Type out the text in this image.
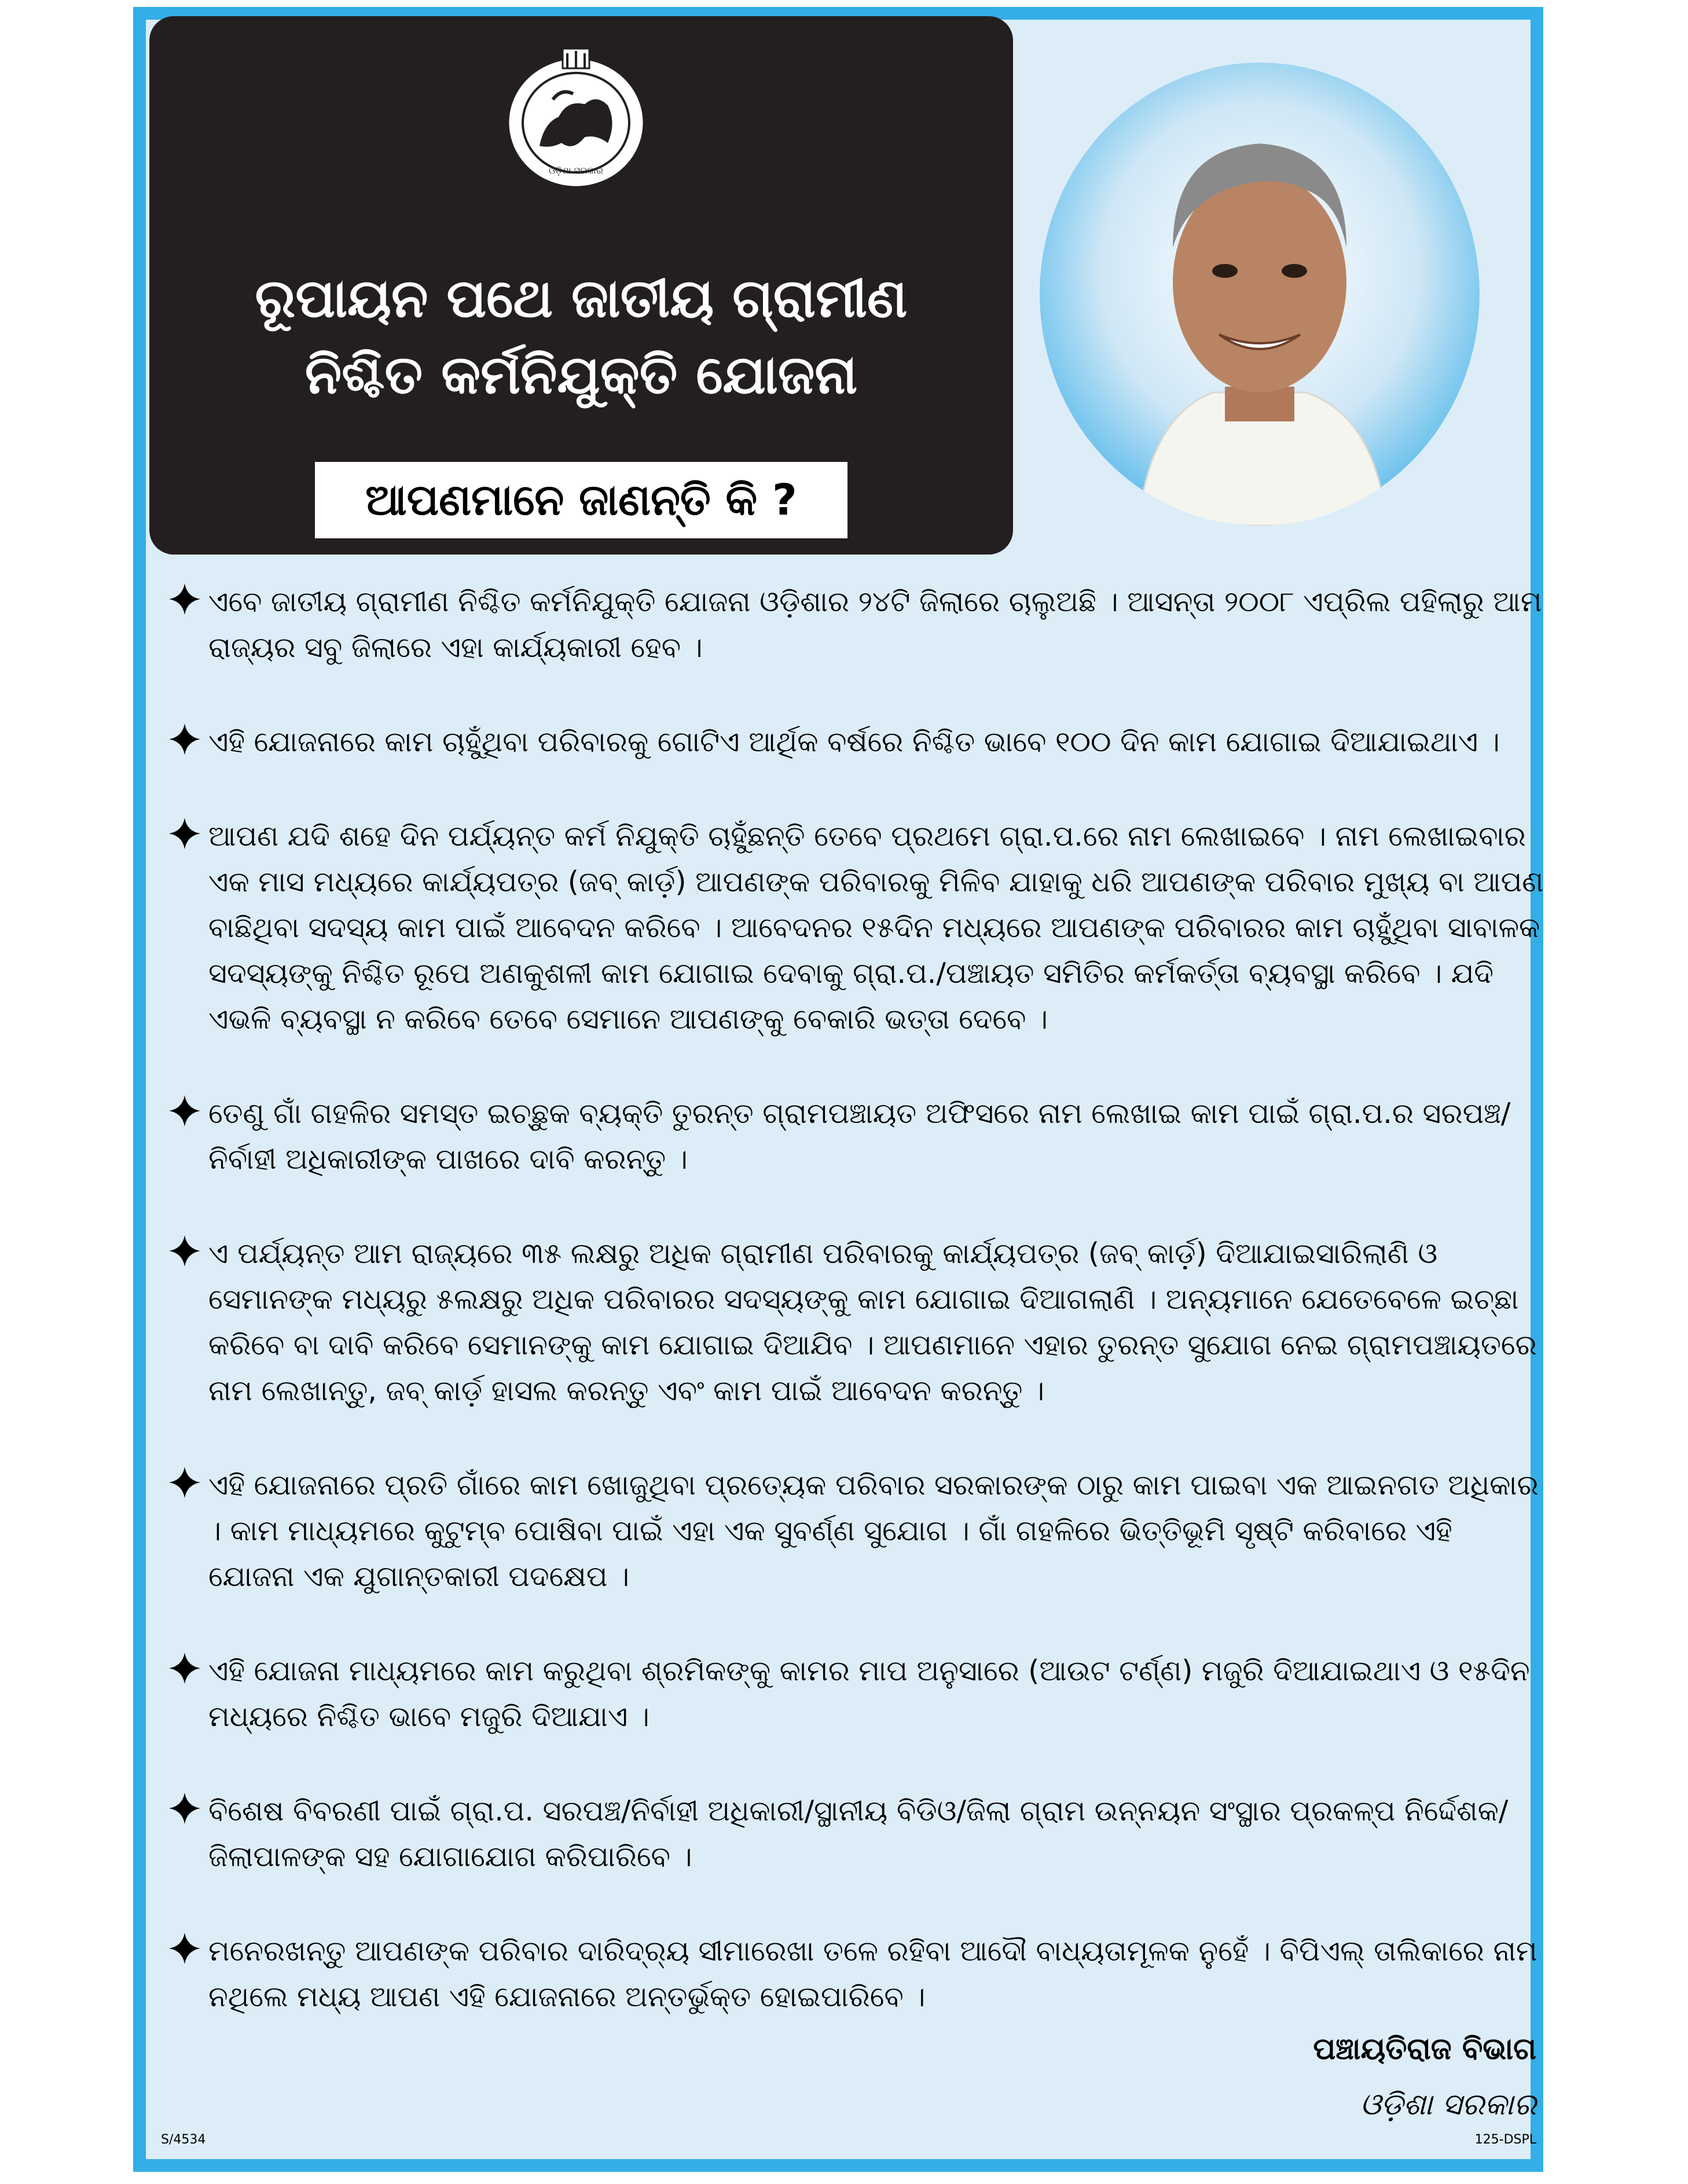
ଓଡ଼ିଶା ସରକାର
ରୂପାୟନ ପଥେ ଜାତୀୟ ଗ୍ରାମୀଣ
ନିଶ୍ଚିତ କର୍ମନିଯୁକ୍ତି ଯୋଜନା
ଆପଣମାନେ ଜାଣନ୍ତି କି ?
ଏବେ ଜାତୀୟ ଗ୍ରାମୀଣ ନିଶ୍ଚିତ କର୍ମନିଯୁକ୍ତି ଯୋଜନା ଓଡ଼ିଶାର ୨୪ଟି ଜିଲାରେ ଚାଲୁଅଛି । ଆସନ୍ତା ୨୦୦୮ ଏପ୍ରିଲ ପହିଲାରୁ ଆମ ରାଜ୍ୟର ସବୁ ଜିଲାରେ ଏହା କାର୍ଯ୍ୟକାରୀ ହେବ ।
ଏହି ଯୋଜନାରେ କାମ ଚାହୁଁଥିବା ପରିବାରକୁ ଗୋଟିଏ ଆର୍ଥିକ ବର୍ଷରେ ନିଶ୍ଚିତ ଭାବେ ୧୦୦ ଦିନ କାମ ଯୋଗାଇ ଦିଆଯାଇଥାଏ ।
ଆପଣ ଯଦି ଶହେ ଦିନ ପର୍ଯ୍ୟନ୍ତ କର୍ମ ନିଯୁକ୍ତି ଚାହୁଁଛନ୍ତି ତେବେ ପ୍ରଥମେ ଗ୍ରା.ପ.ରେ ନାମ ଲେଖାଇବେ । ନାମ ଲେଖାଇବାର ଏକ ମାସ ମଧ୍ୟରେ କାର୍ଯ୍ୟପତ୍ର (ଜବ୍ କାର୍ଡ଼) ଆପଣଙ୍କ ପରିବାରକୁ ମିଳିବ ଯାହାକୁ ଧରି ଆପଣଙ୍କ ପରିବାର ମୁଖ୍ୟ ବା ଆପଣ ବାଛିଥିବା ସଦସ୍ୟ କାମ ପାଇଁ ଆବେଦନ କରିବେ । ଆବେଦନର ୧୫ଦିନ ମଧ୍ୟରେ ଆପଣଙ୍କ ପରିବାରର କାମ ଚାହୁଁଥିବା ସାବାଳକ ସଦସ୍ୟଙ୍କୁ ନିଶ୍ଚିତ ରୂପେ ଅଣକୁଶଳୀ କାମ ଯୋଗାଇ ଦେବାକୁ ଗ୍ରା.ପ./ପଞ୍ଚାୟତ ସମିତିର କର୍ମକର୍ତ୍ତା ବ୍ୟବସ୍ଥା କରିବେ । ଯଦି ଏଭଳି ବ୍ୟବସ୍ଥା ନ କରିବେ ତେବେ ସେମାନେ ଆପଣଙ୍କୁ ବେକାରି ଭତ୍ତା ଦେବେ ।
ତେଣୁ ଗାଁ ଗହଳିର ସମସ୍ତ ଇଚ୍ଛୁକ ବ୍ୟକ୍ତି ତୁରନ୍ତ ଗ୍ରାମପଞ୍ଚାୟତ ଅଫିସରେ ନାମ ଲେଖାଇ କାମ ପାଇଁ ଗ୍ରା.ପ.ର ସରପଞ୍ଚ/ନିର୍ବାହୀ ଅଧିକାରୀଙ୍କ ପାଖରେ ଦାବି କରନ୍ତୁ ।
ଏ ପର୍ଯ୍ୟନ୍ତ ଆମ ରାଜ୍ୟରେ ୩୫ ଲକ୍ଷରୁ ଅଧିକ ଗ୍ରାମୀଣ ପରିବାରକୁ କାର୍ଯ୍ୟପତ୍ର (ଜବ୍ କାର୍ଡ଼) ଦିଆଯାଇସାରିଲାଣି ଓ ସେମାନଙ୍କ ମଧ୍ୟରୁ ୫ଲକ୍ଷରୁ ଅଧିକ ପରିବାରର ସଦସ୍ୟଙ୍କୁ କାମ ଯୋଗାଇ ଦିଆଗଲାଣି । ଅନ୍ୟମାନେ ଯେତେବେଳେ ଇଚ୍ଛା କରିବେ ବା ଦାବି କରିବେ ସେମାନଙ୍କୁ କାମ ଯୋଗାଇ ଦିଆଯିବ । ଆପଣମାନେ ଏହାର ତୁରନ୍ତ ସୁଯୋଗ ନେଇ ଗ୍ରାମପଞ୍ଚାୟତରେ ନାମ ଲେଖାନ୍ତୁ, ଜବ୍ କାର୍ଡ଼ ହାସଲ କରନ୍ତୁ ଏବଂ କାମ ପାଇଁ ଆବେଦନ କରନ୍ତୁ ।
ଏହି ଯୋଜନାରେ ପ୍ରତି ଗାଁରେ କାମ ଖୋଜୁଥିବା ପ୍ରତ୍ୟେକ ପରିବାର ସରକାରଙ୍କ ଠାରୁ କାମ ପାଇବା ଏକ ଆଇନଗତ ଅଧିକାର । କାମ ମାଧ୍ୟମରେ କୁଟୁମ୍ବ ପୋଷିବା ପାଇଁ ଏହା ଏକ ସୁବର୍ଣ୍ଣ ସୁଯୋଗ । ଗାଁ ଗହଳିରେ ଭିତ୍ତିଭୂମି ସୃଷ୍ଟି କରିବାରେ ଏହି ଯୋଜନା ଏକ ଯୁଗାନ୍ତକାରୀ ପଦକ୍ଷେପ ।
ଏହି ଯୋଜନା ମାଧ୍ୟମରେ କାମ କରୁଥିବା ଶ୍ରମିକଙ୍କୁ କାମର ମାପ ଅନୁସାରେ (ଆଉଟ ଟର୍ଣ୍ଣ) ମଜୁରି ଦିଆଯାଇଥାଏ ଓ ୧୫ଦିନ ମଧ୍ୟରେ ନିଶ୍ଚିତ ଭାବେ ମଜୁରି ଦିଆଯାଏ ।
ବିଶେଷ ବିବରଣୀ ପାଇଁ ଗ୍ରା.ପ. ସରପଞ୍ଚ/ନିର୍ବାହୀ ଅଧିକାରୀ/ସ୍ଥାନୀୟ ବିଡିଓ/ଜିଲା ଗ୍ରାମ ଉନ୍ନୟନ ସଂସ୍ଥାର ପ୍ରକଳ୍ପ ନିର୍ଦ୍ଦେଶକ/ଜିଲାପାଳଙ୍କ ସହ ଯୋଗାଯୋଗ କରିପାରିବେ ।
ମନେରଖନ୍ତୁ ଆପଣଙ୍କ ପରିବାର ଦାରିଦ୍ର୍ୟ ସୀମାରେଖା ତଳେ ରହିବା ଆଦୌ ବାଧ୍ୟତାମୂଳକ ନୁହେଁ । ବିପିଏଲ୍ ତାଲିକାରେ ନାମ ନଥିଲେ ମଧ୍ୟ ଆପଣ ଏହି ଯୋଜନାରେ ଅନ୍ତର୍ଭୁକ୍ତ ହୋଇପାରିବେ ।
ପଞ୍ଚାୟତିରାଜ ବିଭାଗ
ଓଡ଼ିଶା ସରକାର
S/4534	125-DSPL
